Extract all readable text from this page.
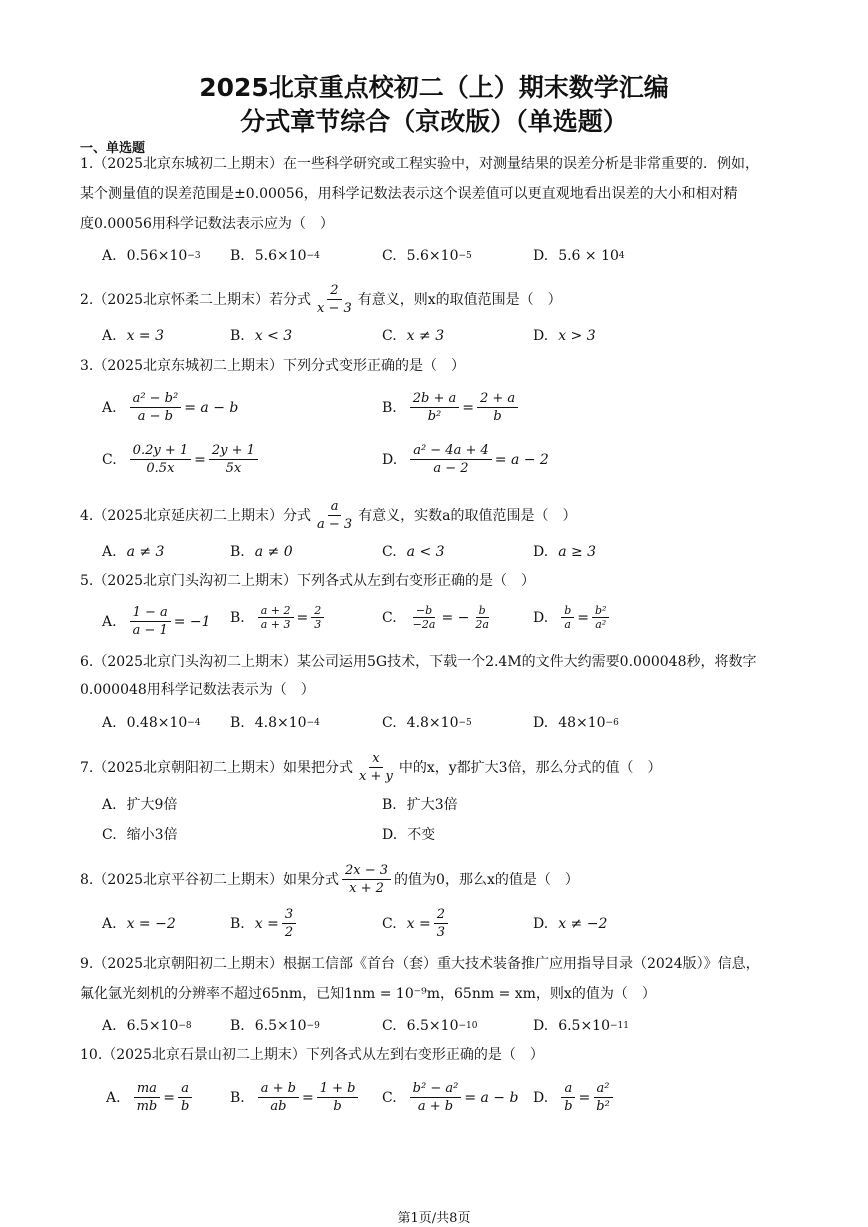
2025北京重点校初二（上）期末数学汇编
分式章节综合（京改版）（单选题）
一、单选题
1.（2025北京东城初二上期末）在一些科学研究或工程实验中，对测量结果的误差分析是非常重要的．例如，
某个测量值的误差范围是±0.00056，用科学记数法表示这个误差值可以更直观地看出误差的大小和相对精
度0.00056用科学记数法表示应为（　）
A. 0.56×10 −3 B. 5.6×10 −4	C. 5.6×10 −5	D. 5.6 × 10 4
2.（2025北京怀柔二上期末）若分式 $\frac{2}{x - 3}$ 有意义，则x的取值范围是（　）
A. x = 3	B. x < 3	C. x ≠ 3	D. x > 3
3.（2025北京东城初二上期末）下列分式变形正确的是（　）
A. $\frac{\text{a² − b²}}{a - b} = a - b$	B. $\frac{2b + a}{\text{b²}} = \frac{2 + a}{b}$
C. $\frac{0.2y + 1}{0.5x} = \frac{2y + 1}{5x}$	D. $\frac{\text{a² − 4a + 4}}{a - 2} = a - 2$
4.（2025北京延庆初二上期末）分式 $\frac{a}{a - 3}$ 有意义，实数a的取值范围是（　）
A. a ≠ 3	B. a ≠ 0	C. a < 3	D. a ≥ 3
5.（2025北京门头沟初二上期末）下列各式从左到右变形正确的是（　）
A. $\frac{1 - a}{a - 1} = -1$ B. $\frac{a + 2}{a + 3} = \frac{2}{3}$	C. $\frac{-b}{-2a}$ = − $\frac{b}{2a}$	D. $\frac{b}{a} = \frac{\text{b²}}{\text{a²}}$
6.（2025北京门头沟初二上期末）某公司运用5G技术，下载一个2.4M的文件大约需要0.000048秒，将数字
0.000048用科学记数法表示为（　）
A. 0.48×10 −4 B. 4.8×10 −4	C. 4.8×10 −5	D. 48×10 −6
7.（2025北京朝阳初二上期末）如果把分式 $\frac{x}{x + y}$ 中的x，y都扩大3倍，那么分式的值（　）
A. 扩大9倍	B. 扩大3倍
C. 缩小3倍	D. 不变
8.（2025北京平谷初二上期末）如果分式 $\frac{2x - 3}{x + 2}$ 的值为0，那么x的值是（　）
A. x = −2	B. $x = \frac{3}{2}$	C. $x = \frac{2}{3}$	D. x ≠ −2
9.（2025北京朝阳初二上期末）根据工信部《首台（套）重大技术装备推广应用指导目录（2024版）》信息，
氟化氩光刻机的分辨率不超过65nm，已知1nm = 10⁻⁹m，65nm = xm，则x的值为（　）
A. 6.5×10 −8	B. 6.5×10 −9	C. 6.5×10 −10	D. 6.5×10 −11
10.（2025北京石景山初二上期末）下列各式从左到右变形正确的是（　）
A. $\frac{ma}{mb} = \frac{a}{b}$	B. $\frac{a + b}{ab} = \frac{1 + b}{b} C$. $\frac{\text{b² − a²}}{a + b} = a - b$ D. $\frac{a}{b} = \frac{\text{a²}}{\text{b²}}$
第1页/共8页
